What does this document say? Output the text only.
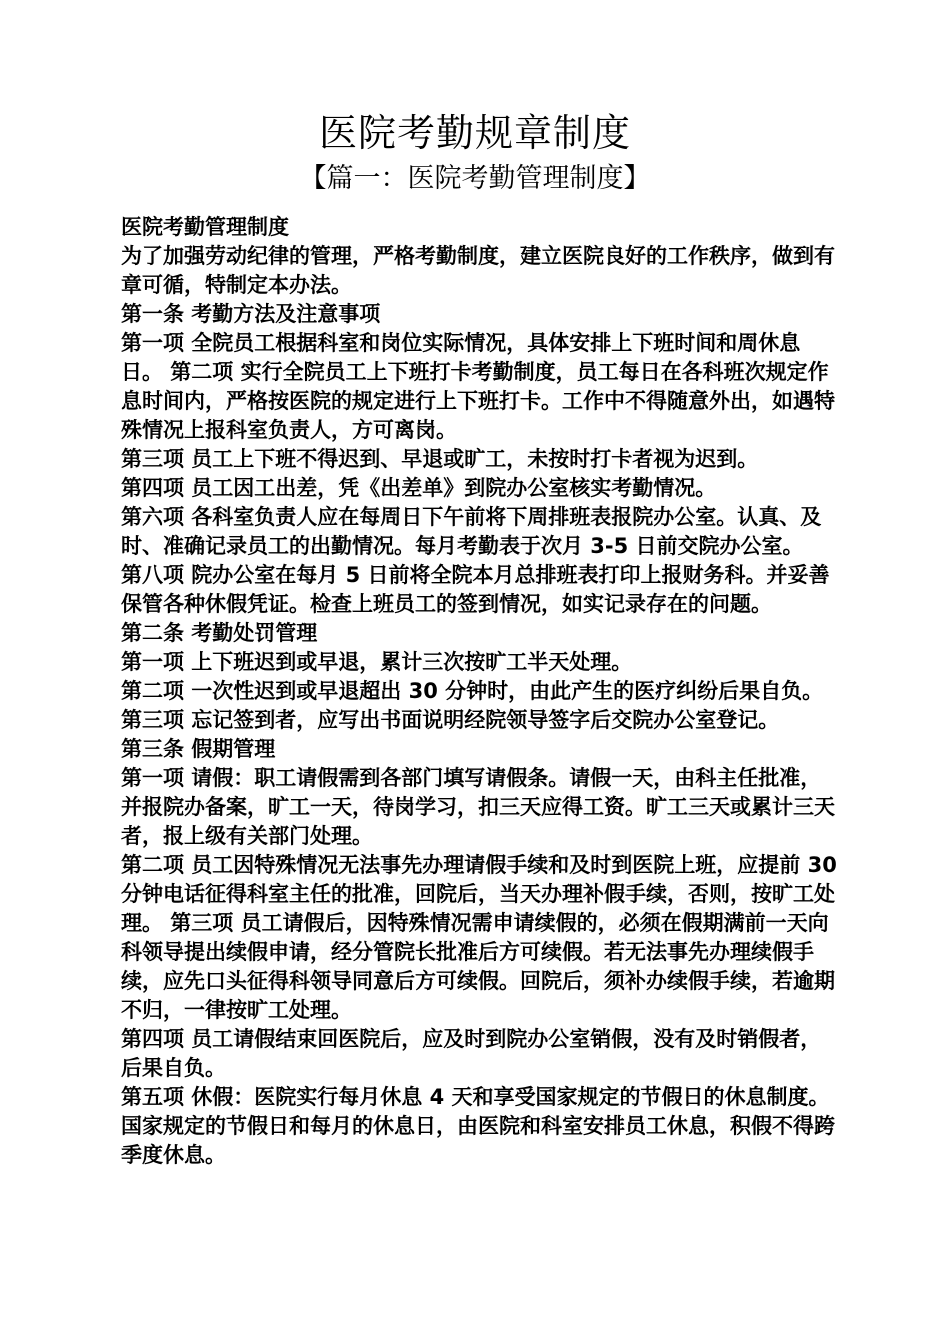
医院考勤规章制度
【篇一：医院考勤管理制度】

医院考勤管理制度

为了加强劳动纪律的管理，严格考勤制度，建立医院良好的工作秩序，做到有章可循，特制定本办法。

第一条 考勤方法及注意事项

第一项 全院员工根据科室和岗位实际情况，具体安排上下班时间和周休息日。 第二项 实行全院员工上下班打卡考勤制度，员工每日在各科班次规定作息时间内，严格按医院的规定进行上下班打卡。工作中不得随意外出，如遇特殊情况上报科室负责人，方可离岗。

第三项 员工上下班不得迟到、早退或旷工，未按时打卡者视为迟到。

第四项 员工因工出差，凭《出差单》到院办公室核实考勤情况。

第六项 各科室负责人应在每周日下午前将下周排班表报院办公室。认真、及时、准确记录员工的出勤情况。每月考勤表于次月 3-5 日前交院办公室。

第八项 院办公室在每月 5 日前将全院本月总排班表打印上报财务科。并妥善保管各种休假凭证。检查上班员工的签到情况，如实记录存在的问题。

第二条 考勤处罚管理

第一项 上下班迟到或早退，累计三次按旷工半天处理。

第二项 一次性迟到或早退超出 30 分钟时，由此产生的医疗纠纷后果自负。 第三项 忘记签到者，应写出书面说明经院领导签字后交院办公室登记。

第三条 假期管理

第一项 请假：职工请假需到各部门填写请假条。请假一天，由科主任批准，并报院办备案，旷工一天，待岗学习，扣三天应得工资。旷工三天或累计三天者，报上级有关部门处理。

第二项 员工因特殊情况无法事先办理请假手续和及时到医院上班，应提前 30 分钟电话征得科室主任的批准，回院后，当天办理补假手续，否则，按旷工处理。 第三项 员工请假后，因特殊情况需申请续假的，必须在假期满前一天向科领导提出续假申请，经分管院长批准后方可续假。若无法事先办理续假手续，应先口头征得科领导同意后方可续假。回院后，须补办续假手续，若逾期不归，一律按旷工处理。

第四项 员工请假结束回医院后，应及时到院办公室销假，没有及时销假者，后果自负。

第五项 休假：医院实行每月休息 4 天和享受国家规定的节假日的休息制度。国家规定的节假日和每月的休息日，由医院和科室安排员工休息，积假不得跨季度休息。
